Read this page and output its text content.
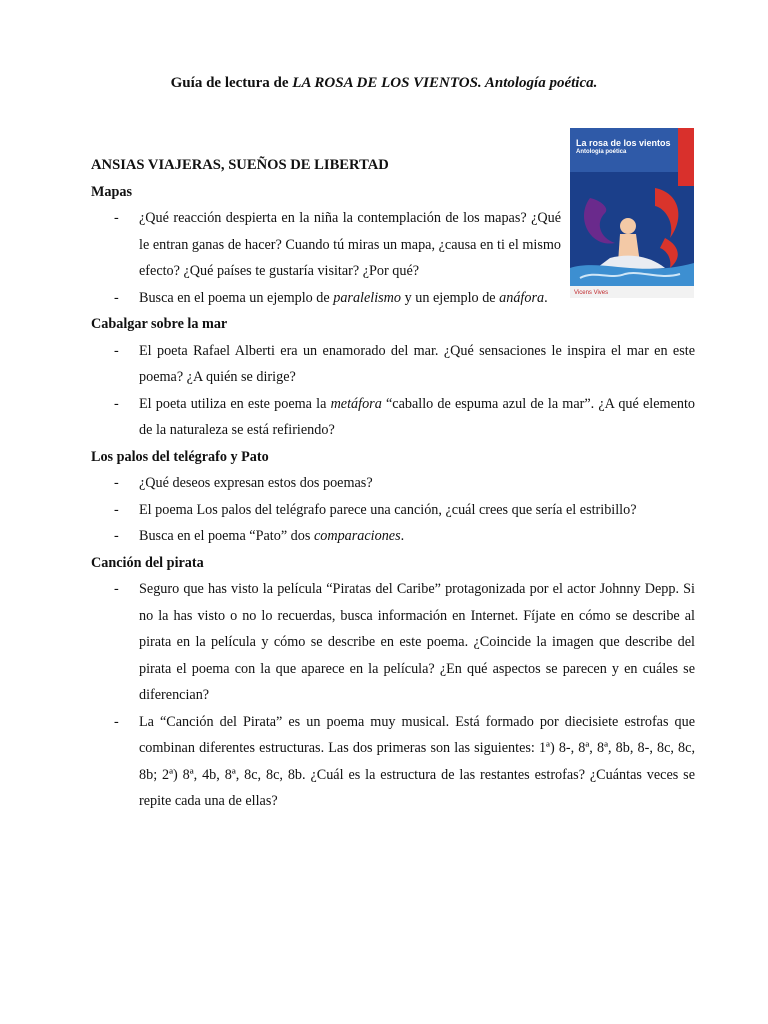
Guía de lectura de LA ROSA DE LOS VIENTOS. Antología poética.
La rosa de los vientos
Antología poética
Vicens Vives
ANSIAS VIAJERAS, SUEÑOS DE LIBERTAD
Mapas
- ¿Qué reacción despierta en la niña la contemplación de los mapas? ¿Qué le entran ganas de hacer? Cuando tú miras un mapa, ¿causa en ti el mismo efecto? ¿Qué países te gustaría visitar? ¿Por qué?
- Busca en el poema un ejemplo de paralelismo y un ejemplo de anáfora.
Cabalgar sobre la mar
- El poeta Rafael Alberti era un enamorado del mar. ¿Qué sensaciones le inspira el mar en este poema? ¿A quién se dirige?
- El poeta utiliza en este poema la metáfora “caballo de espuma azul de la mar”. ¿A qué elemento de la naturaleza se está refiriendo?
Los palos del telégrafo y Pato
- ¿Qué deseos expresan estos dos poemas?
- El poema Los palos del telégrafo parece una canción, ¿cuál crees que sería el estribillo?
- Busca en el poema “Pato” dos comparaciones.
Canción del pirata
- Seguro que has visto la película “Piratas del Caribe” protagonizada por el actor Johnny Depp. Si no la has visto o no lo recuerdas, busca información en Internet. Fíjate en cómo se describe al pirata en la película y cómo se describe en este poema. ¿Coincide la imagen que describe del pirata el poema con la que aparece en la película? ¿En qué aspectos se parecen y en cuáles se diferencian?
- La “Canción del Pirata” es un poema muy musical. Está formado por diecisiete estrofas que combinan diferentes estructuras. Las dos primeras son las siguientes: 1ª) 8-, 8ª, 8ª, 8b, 8-, 8c, 8c, 8b; 2ª) 8ª, 4b, 8ª, 8c, 8c, 8b. ¿Cuál es la estructura de las restantes estrofas? ¿Cuántas veces se repite cada una de ellas?
